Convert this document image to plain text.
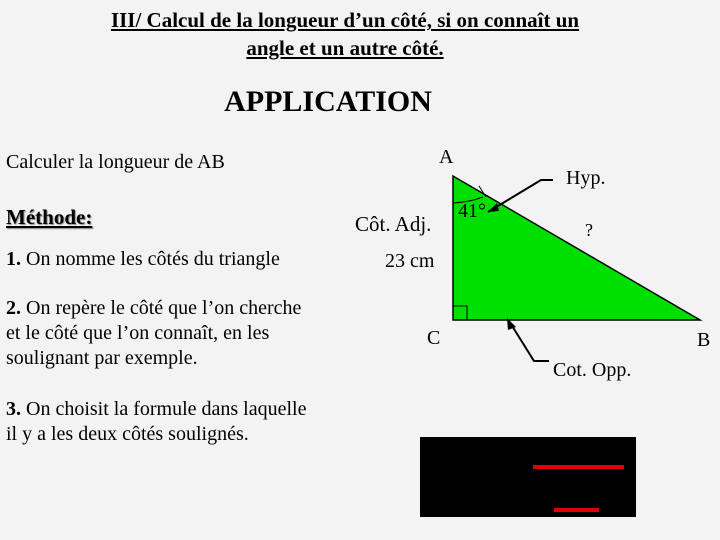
III/ Calcul de la longueur d’un côté, si on connaît un
angle et un autre côté.
APPLICATION
Calculer la longueur de AB
Méthode:
1. On nomme les côtés du triangle
2. On repère le côté que l’on cherche
et le côté que l’on connaît, en les
soulignant par exemple.
3. On choisit la formule dans laquelle
il y a les deux côtés soulignés.
A
C	B
41°
Côt. Adj.
23 cm
Hyp.
?
Cot. Opp.
